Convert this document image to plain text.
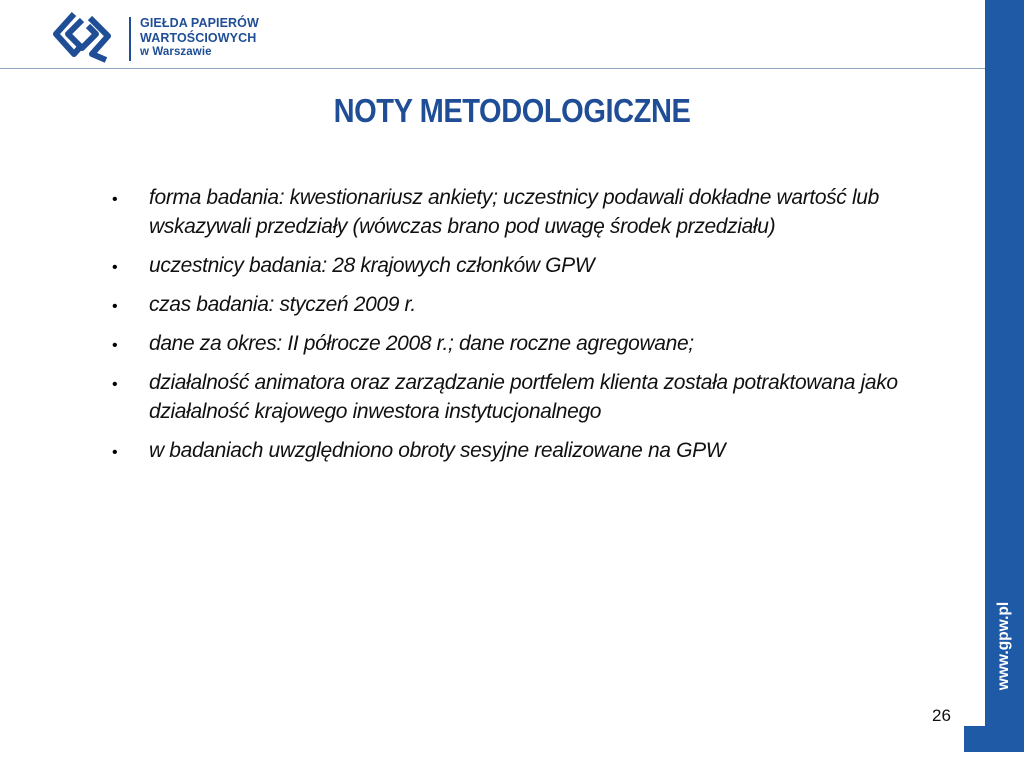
GIEŁDA PAPIERÓW
WARTOŚCIOWYCH
w Warszawie
www.gpw.pl
NOTY METODOLOGICZNE
• forma badania: kwestionariusz ankiety; uczestnicy podawali dokładne wartość lub wskazywali przedziały (wówczas brano pod uwagę środek przedziału)
• uczestnicy badania: 28 krajowych członków GPW
• czas badania: styczeń 2009 r.
• dane za okres: II półrocze 2008 r.; dane roczne agregowane;
• działalność animatora oraz zarządzanie portfelem klienta została potraktowana jako działalność krajowego inwestora instytucjonalnego
• w badaniach uwzględniono obroty sesyjne realizowane na GPW
26
